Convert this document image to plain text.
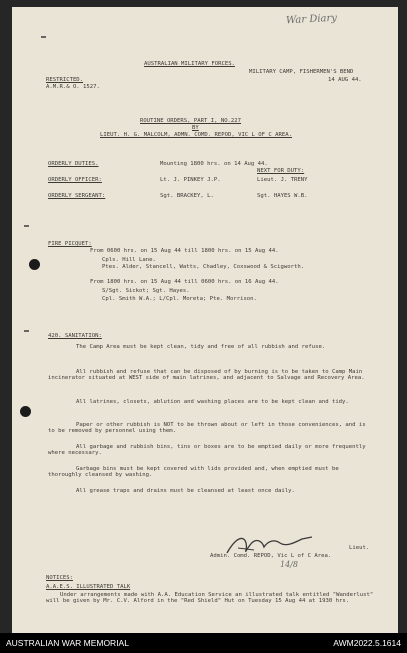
War Diary
AUSTRALIAN MILITARY FORCES.
RESTRICTED.
A.M.R.& O. 1527.
MILITARY CAMP, FISHERMEN'S BEND
14 AUG 44.
ROUTINE ORDERS, PART I, NO.227
BY
LIEUT. H. G. MALCOLM, ADMN. COMD. REPOD, VIC L OF C AREA.
ORDERLY DUTIES.	Mounting 1800 hrs. on 14 Aug 44.
NEXT FOR DUTY:
ORDERLY OFFICER:	Lt. J. PINKEY J.P.	Lieut. J. TRENY
ORDERLY SERGEANT:	Sgt. BRACKEY, L.	Sgt. HAYES W.B.
FIRE PICQUET:
From 0600 hrs. on 15 Aug 44 till 1800 hrs. on 15 Aug 44.
Cpls. Hill Lane.
Ptes. Alder, Stancell, Watts, Chadley, Coxswood & Scigworth.
From 1800 hrs. on 15 Aug 44 till 0600 hrs. on 16 Aug 44.
S/Sgt. Sickot; Sgt. Hayes.
Cpl. Smith W.A.; L/Cpl. Moreta; Pte. Morrison.
420. SANITATION:
The Camp Area must be kept clean, tidy and free of all rubbish and refuse.
All rubbish and refuse that can be disposed of by burning is to be taken to Camp Main incinerator situated at WEST side of main latrines, and adjacent to Salvage and Recovery Area.
All latrines, closets, ablution and washing places are to be kept clean and tidy.
Paper or other rubbish is NOT to be thrown about or left in those conveniences, and is to be removed by personnel using them.
All garbage and rubbish bins, tins or boxes are to be emptied daily or more frequently where necessary.
Garbage bins must be kept covered with lids provided and, when emptied must be thoroughly cleansed by washing.
All grease traps and drains must be cleansed at least once daily.
Lieut.
Admin. Comd. REPOD, Vic L of C Area.
14/8
NOTICES:
A.A.E.S. ILLUSTRATED TALK
Under arrangements made with A.A. Education Service an illustrated talk entitled "Wanderlust" will be given by Mr. C.V. Alford in the "Red Shield" Hut on Tuesday 15 Aug 44 at 1930 hrs.
AUSTRALIAN WAR MEMORIAL	AWM2022.5.1614
